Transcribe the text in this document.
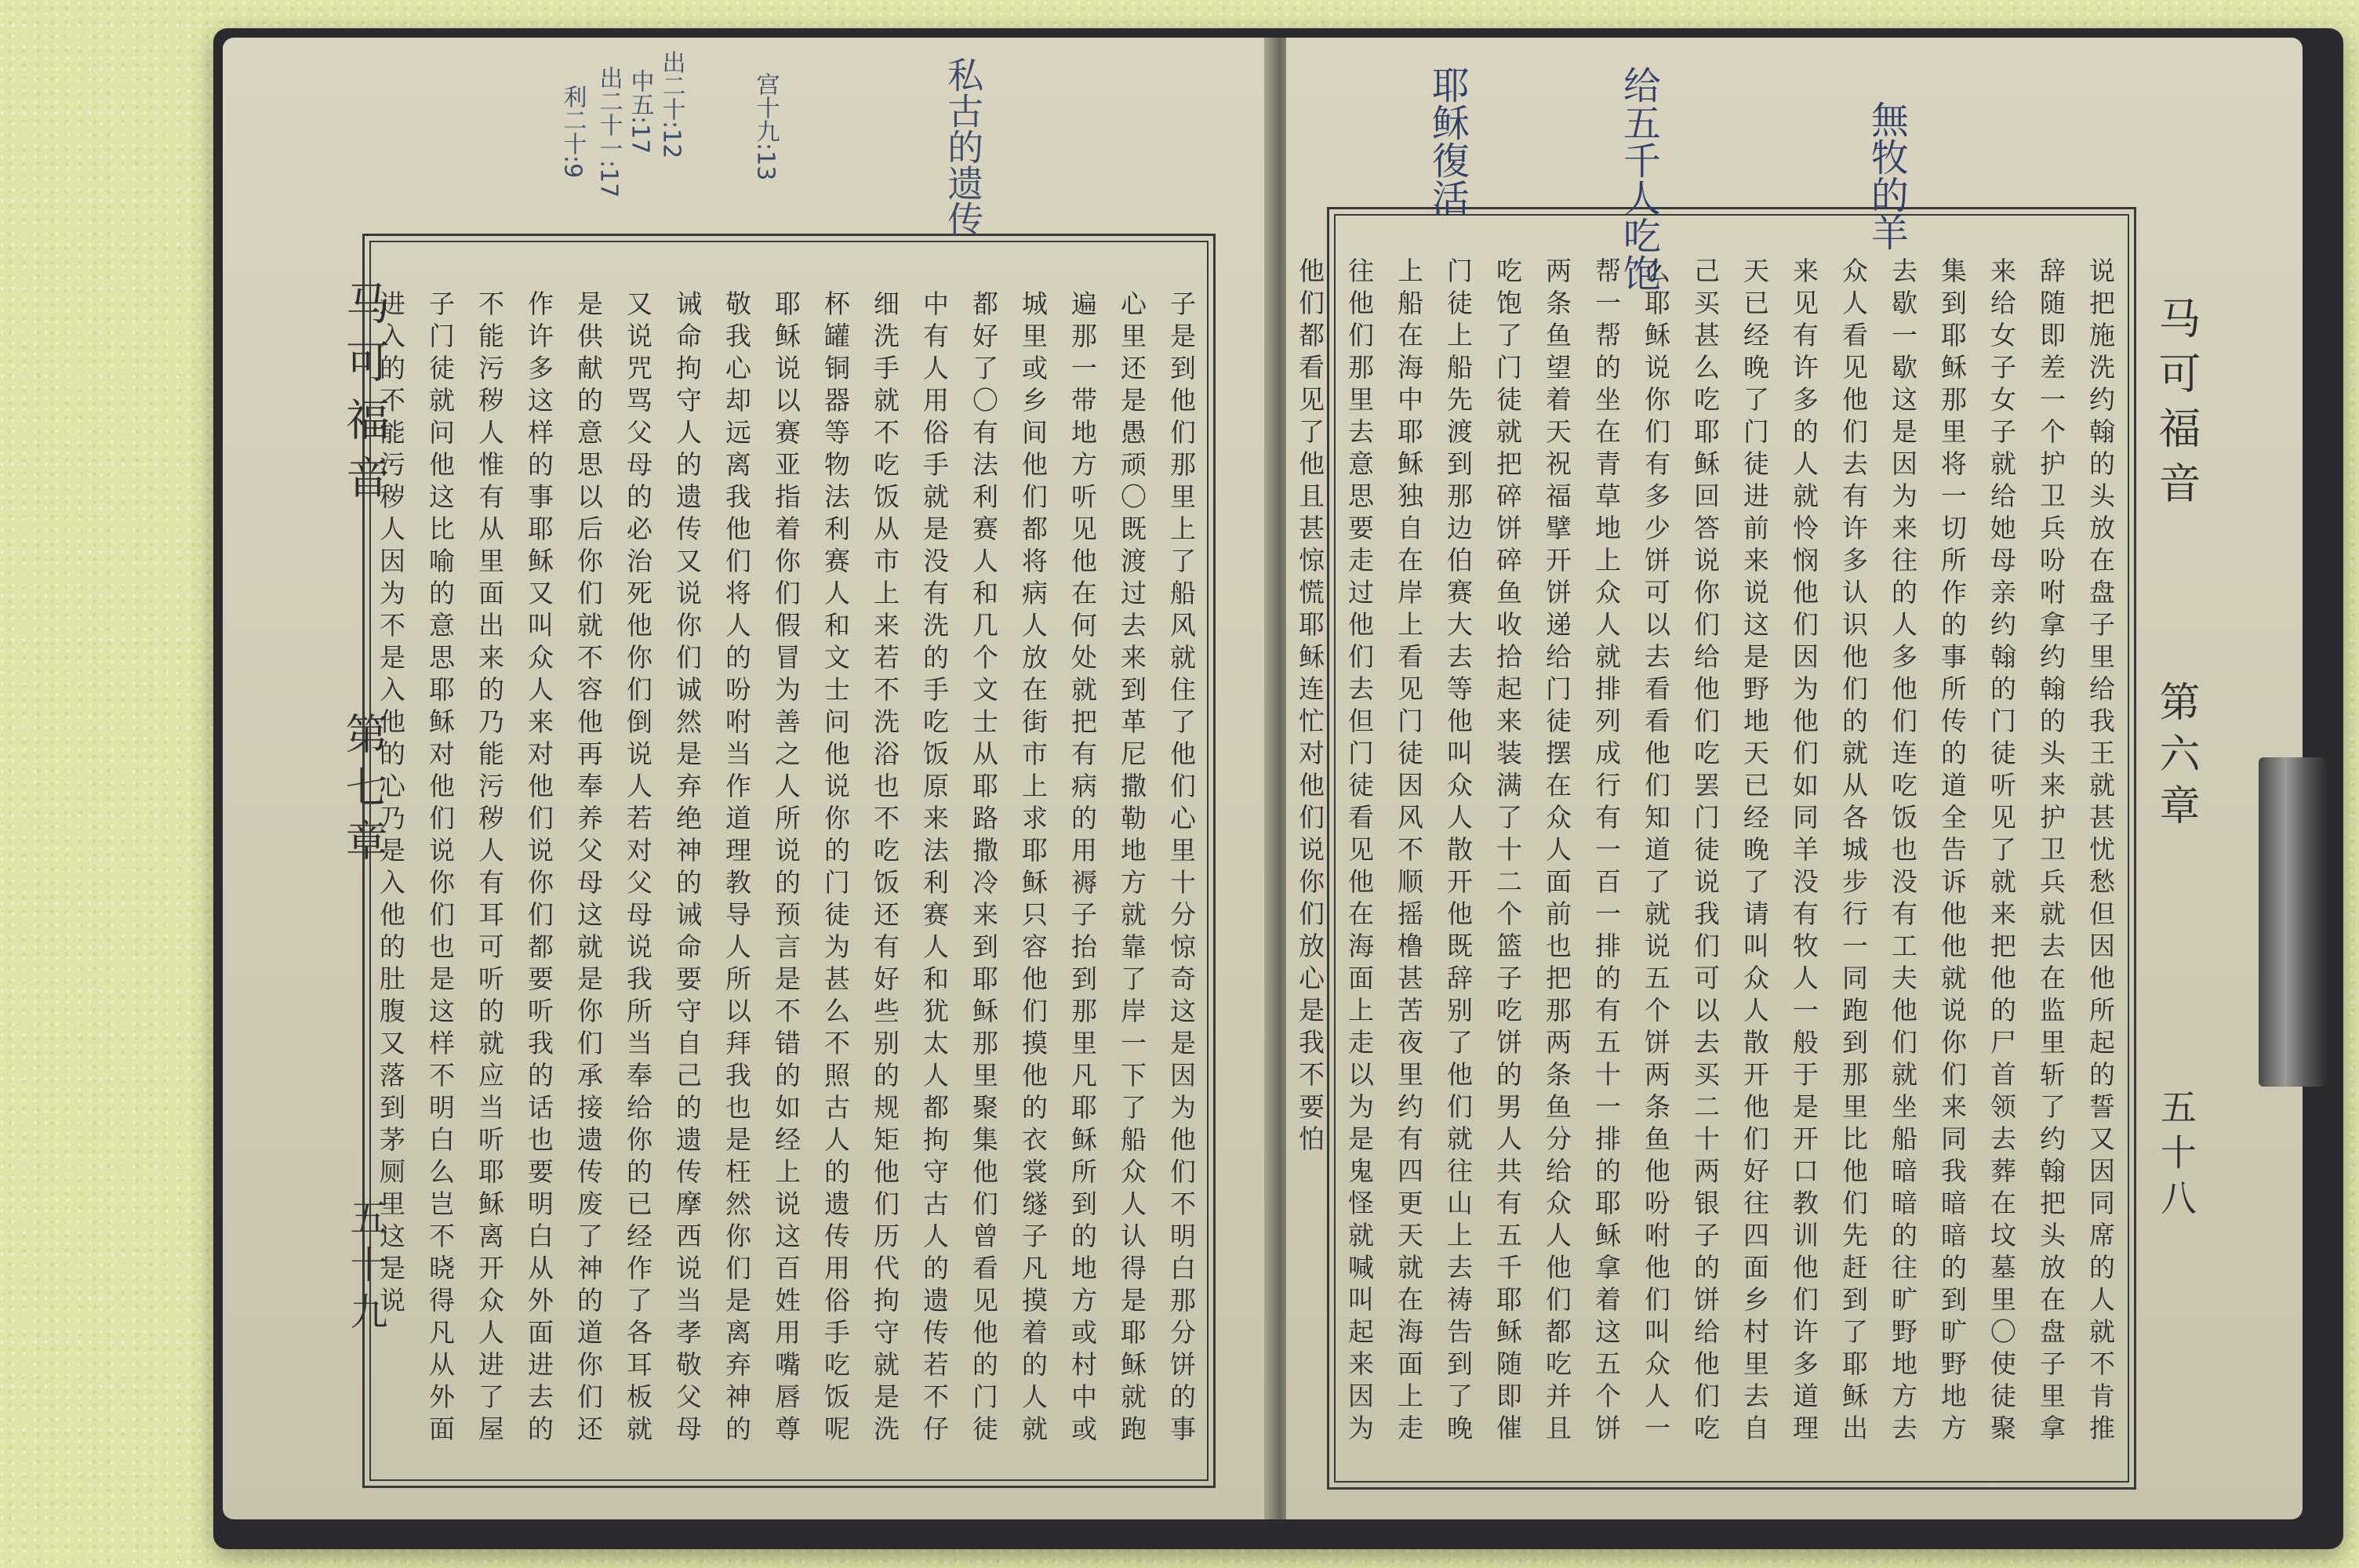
马可福音
第七章
五十九	子是到他们那里上了船风就住了他们心里十分惊奇这是因为他们不明白那分饼的事心里还是愚顽〇既渡过去来到革尼撒勒地方就靠了岸一下了船众人认得是耶稣就跑遍那一带地方听见他在何处就把有病的用褥子抬到那里凡耶稣所到的地方或村中或城里或乡间他们都将病人放在街市上求耶稣只容他们摸他的衣裳䍁子凡摸着的人就都好了〇有法利赛人和几个文士从耶路撒冷来到耶稣那里聚集他们曾看见他的门徒中有人用俗手就是没有洗的手吃饭原来法利赛人和犹太人都拘守古人的遗传若不仔细洗手就不吃饭从市上来若不洗浴也不吃饭还有好些别的规矩他们历代拘守就是洗杯罐铜器等物法利赛人和文士问他说你的门徒为甚么不照古人的遗传用俗手吃饭呢耶稣说以赛亚指着你们假冒为善之人所说的预言是不错的如经上说这百姓用嘴唇尊敬我心却远离我他们将人的吩咐当作道理教导人所以拜我也是枉然你们是离弃神的诫命拘守人的遗传又说你们诚然是弃绝神的诫命要守自己的遗传摩西说当孝敬父母又说咒骂父母的必治死他你们倒说人若对父母说我所当奉给你的已经作了各耳板就是供献的意思以后你们就不容他再奉养父母这就是你们承接遗传废了神的道你们还作许多这样的事耶稣又叫众人来对他们说你们都要听我的话也要明白从外面进去的不能污秽人惟有从里面出来的乃能污秽人有耳可听的就应当听耶稣离开众人进了屋子门徒就问他这比喻的意思耶稣对他们说你们也是这样不明白么岂不晓得凡从外面进入的不能污秽人因为不是入他的心乃是入他的肚腹又落到茅厕里这是说
私古的遗传
宫十九:13
出二十:12
中五:17
出二十一:17
利二十:9
说把施洗约翰的头放在盘子里给我王就甚忧愁但因他所起的誓又因同席的人就不肯推辞随即差一个护卫兵吩咐拿约翰的头来护卫兵就去在监里斩了约翰把头放在盘子里拿来给女子女子就给她母亲约翰的门徒听见了就来把他的尸首领去葬在坟墓里〇使徒聚集到耶稣那里将一切所作的事所传的道全告诉他他就说你们来同我暗暗的到旷野地方去歇一歇这是因为来往的人多他们连吃饭也没有工夫他们就坐船暗暗的往旷野地方去众人看见他们去有许多认识他们的就从各城步行一同跑到那里比他们先赶到了耶稣出来见有许多的人就怜悯他们因为他们如同羊没有牧人一般于是开口教训他们许多道理天已经晚了门徒进前来说这是野地天已经晚了请叫众人散开他们好往四面乡村里去自己买甚么吃耶稣回答说你们给他们吃罢门徒说我们可以去买二十两银子的饼给他们吃么耶稣说你们有多少饼可以去看看他们知道了就说五个饼两条鱼他吩咐他们叫众人一帮一帮的坐在青草地上众人就排列成行有一百一排的有五十一排的耶稣拿着这五个饼两条鱼望着天祝福擘开饼递给门徒摆在众人面前也把那两条鱼分给众人他们都吃并且吃饱了门徒就把碎饼碎鱼收拾起来装满了十二个篮子吃饼的男人共有五千耶稣随即催门徒上船先渡到那边伯赛大去等他叫众人散开他既辞别了他们就往山上去祷告到了晚上船在海中耶稣独自在岸上看见门徒因风不顺摇橹甚苦夜里约有四更天就在海面上走往他们那里去意思要走过他们去但门徒看见他在海面上走以为是鬼怪就喊叫起来因为他们都看见了他且甚惊慌耶稣连忙对他们说你们放心是我不要怕	马可福音
第六章
五十八
耶稣復活	给五千人吃饱	無牧的羊
